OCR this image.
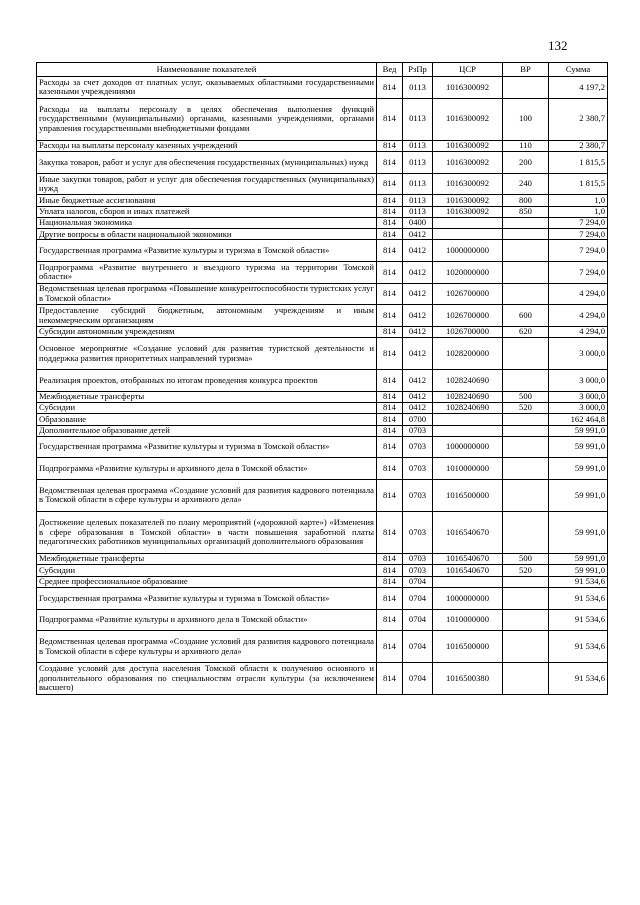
132
Наименование показателей	Вед	РзПр	ЦСР	ВР	Сумма
Расходы за счет доходов от платных услуг, оказываемых областными государственными казенными учреждениями	814	0113	1016300092		4 197,2
Расходы на выплаты персоналу в целях обеспечения выполнения функций государственными (муниципальными) органами, казенными учреждениями, органами управления государственными внебюджетными фондами	814	0113	1016300092	100	2 380,7
Расходы на выплаты персоналу казенных учреждений	814	0113	1016300092	110	2 380,7
Закупка товаров, работ и услуг для обеспечения государственных (муниципальных) нужд	814	0113	1016300092	200	1 815,5
Иные закупки товаров, работ и услуг для обеспечения государственных (муниципальных) нужд	814	0113	1016300092	240	1 815,5
Иные бюджетные ассигнования	814	0113	1016300092	800	1,0
Уплата налогов, сборов и иных платежей	814	0113	1016300092	850	1,0
Национальная экономика	814	0400			7 294,0
Другие вопросы в области национальной экономики	814	0412			7 294,0
Государственная программа «Развитие культуры и туризма в Томской области»	814	0412	1000000000		7 294,0
Подпрограмма «Развитие внутреннего и въездного туризма на территории Томской области»	814	0412	1020000000		7 294,0
Ведомственная целевая программа «Повышение конкурентоспособности туристских услуг в Томской области»	814	0412	1026700000		4 294,0
Предоставление субсидий бюджетным, автономным учреждениям и иным некоммерческим организациям	814	0412	1026700000	600	4 294,0
Субсидии автономным учреждениям	814	0412	1026700000	620	4 294,0
Основное мероприятие «Создание условий для развития туристской деятельности и поддержка развития приоритетных направлений туризма»	814	0412	1028200000		3 000,0
Реализация проектов, отобранных по итогам проведения конкурса проектов	814	0412	1028240690		3 000,0
Межбюджетные трансферты	814	0412	1028240690	500	3 000,0
Субсидии	814	0412	1028240690	520	3 000,0
Образование	814	0700			162 464,8
Дополнительное образование детей	814	0703			59 991,0
Государственная программа «Развитие культуры и туризма в Томской области»	814	0703	1000000000		59 991,0
Подпрограмма «Развитие культуры и архивного дела в Томской области»	814	0703	1010000000		59 991,0
Ведомственная целевая программа «Создание условий для развития кадрового потенциала в Томской области в сфере культуры и архивного дела»	814	0703	1016500000		59 991,0
Достижение целевых показателей по плану мероприятий («дорожной карте») «Изменения в сфере образования в Томской области» в части повышения заработной платы педагогических работников муниципальных организаций дополнительного образования	814	0703	1016540670		59 991,0
Межбюджетные трансферты	814	0703	1016540670	500	59 991,0
Субсидии	814	0703	1016540670	520	59 991,0
Среднее профессиональное образование	814	0704			91 534,6
Государственная программа «Развитие культуры и туризма в Томской области»	814	0704	1000000000		91 534,6
Подпрограмма «Развитие культуры и архивного дела в Томской области»	814	0704	1010000000		91 534,6
Ведомственная целевая программа «Создание условий для развития кадрового потенциала в Томской области в сфере культуры и архивного дела»	814	0704	1016500000		91 534,6
Создание условий для доступа населения Томской области к получению основного и дополнительного образования по специальностям отрасли культуры (за исключением высшего)	814	0704	1016500380		91 534,6
